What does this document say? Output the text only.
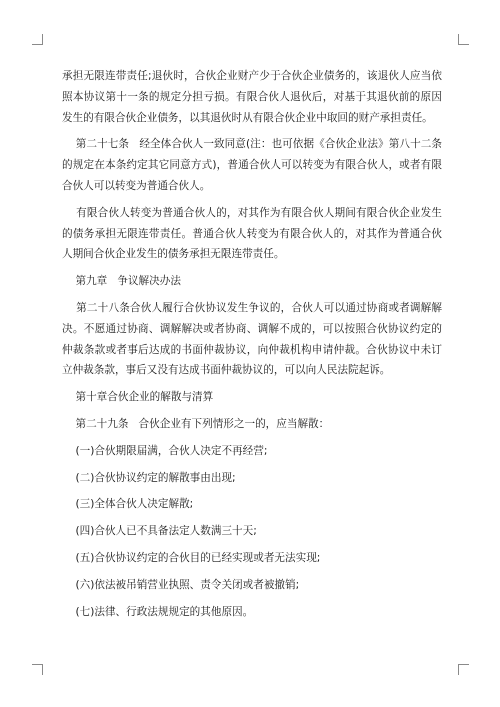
承担无限连带责任;退伙时，合伙企业财产少于合伙企业债务的，该退伙人应当依照本协议第十一条的规定分担亏损。有限合伙人退伙后，对基于其退伙前的原因发生的有限合伙企业债务，以其退伙时从有限合伙企业中取回的财产承担责任。

第二十七条   经全体合伙人一致同意(注：也可依据《合伙企业法》第八十二条的规定在本条约定其它同意方式)，普通合伙人可以转变为有限合伙人，或者有限合伙人可以转变为普通合伙人。

有限合伙人转变为普通合伙人的，对其作为有限合伙人期间有限合伙企业发生的债务承担无限连带责任。普通合伙人转变为有限合伙人的，对其作为普通合伙人期间合伙企业发生的债务承担无限连带责任。

第九章   争议解决办法

第二十八条合伙人履行合伙协议发生争议的，合伙人可以通过协商或者调解解决。不愿通过协商、调解解决或者协商、调解不成的，可以按照合伙协议约定的仲裁条款或者事后达成的书面仲裁协议，向仲裁机构申请仲裁。合伙协议中未订立仲裁条款，事后又没有达成书面仲裁协议的，可以向人民法院起诉。

第十章合伙企业的解散与清算

第二十九条   合伙企业有下列情形之一的，应当解散：

(一)合伙期限届满，合伙人决定不再经营;

(二)合伙协议约定的解散事由出现;

(三)全体合伙人决定解散;

(四)合伙人已不具备法定人数满三十天;

(五)合伙协议约定的合伙目的已经实现或者无法实现;

(六)依法被吊销营业执照、责令关闭或者被撤销;

(七)法律、行政法规规定的其他原因。
